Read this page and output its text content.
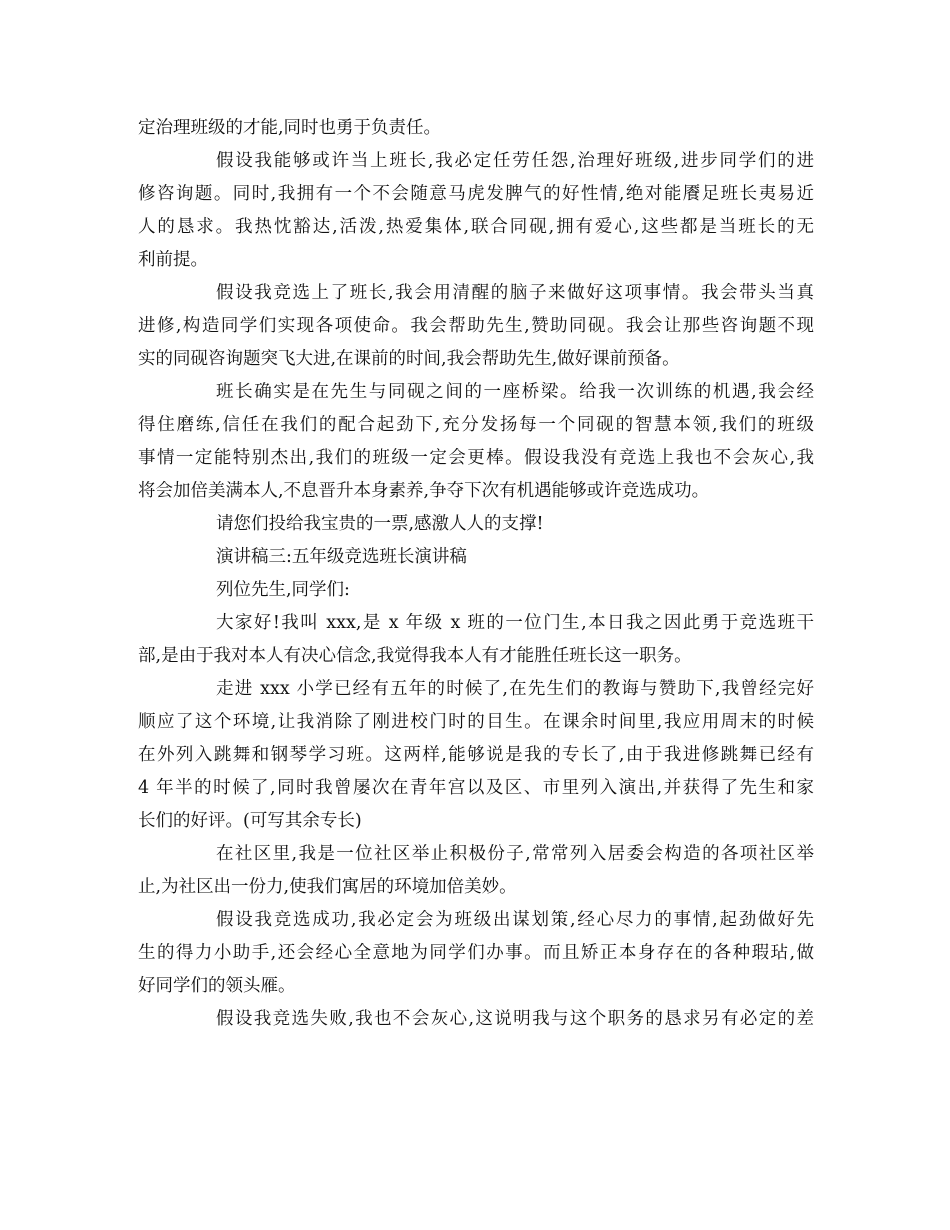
定治理班级的才能,同时也勇于负责任。
假设我能够或许当上班长,我必定任劳任怨,治理好班级,进步同学们的进
修咨询题。同时,我拥有一个不会随意马虎发脾气的好性情,绝对能餍足班长夷易近
人的恳求。我热忱豁达,活泼,热爱集体,联合同砚,拥有爱心,这些都是当班长的无
利前提。
假设我竞选上了班长,我会用清醒的脑子来做好这项事情。我会带头当真
进修,构造同学们实现各项使命。我会帮助先生,赞助同砚。我会让那些咨询题不现
实的同砚咨询题突飞大进,在课前的时间,我会帮助先生,做好课前预备。
班长确实是在先生与同砚之间的一座桥梁。给我一次训练的机遇,我会经
得住磨练,信任在我们的配合起劲下,充分发扬每一个同砚的智慧本领,我们的班级
事情一定能特别杰出,我们的班级一定会更棒。假设我没有竞选上我也不会灰心,我
将会加倍美满本人,不息晋升本身素养,争夺下次有机遇能够或许竞选成功。
请您们投给我宝贵的一票,感激人人的支撑!
演讲稿三:五年级竞选班长演讲稿
列位先生,同学们:
大家好!我叫 xxx,是 x 年级 x 班的一位门生,本日我之因此勇于竞选班干
部,是由于我对本人有决心信念,我觉得我本人有才能胜任班长这一职务。
走进 xxx 小学已经有五年的时候了,在先生们的教诲与赞助下,我曾经完好
顺应了这个环境,让我消除了刚进校门时的目生。在课余时间里,我应用周末的时候
在外列入跳舞和钢琴学习班。这两样,能够说是我的专长了,由于我进修跳舞已经有
4 年半的时候了,同时我曾屡次在青年宫以及区、市里列入演出,并获得了先生和家
长们的好评。(可写其余专长)
在社区里,我是一位社区举止积极份子,常常列入居委会构造的各项社区举
止,为社区出一份力,使我们寓居的环境加倍美妙。
假设我竞选成功,我必定会为班级出谋划策,经心尽力的事情,起劲做好先
生的得力小助手,还会经心全意地为同学们办事。而且矫正本身存在的各种瑕玷,做
好同学们的领头雁。
假设我竞选失败,我也不会灰心,这说明我与这个职务的恳求另有必定的差
